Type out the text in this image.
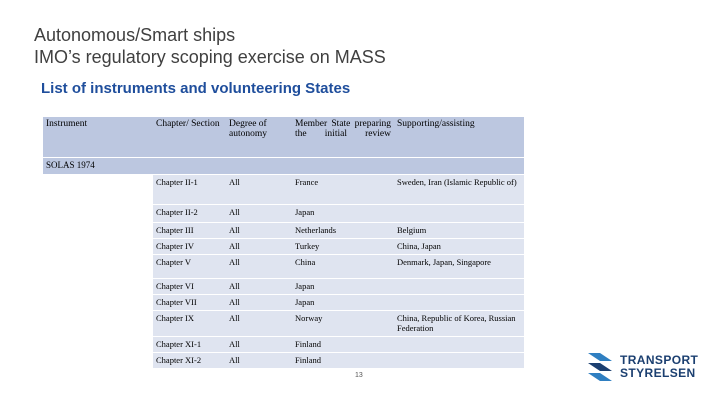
Autonomous/Smart ships
IMO’s regulatory scoping exercise on MASS
List of instruments and volunteering States
Instrument	Chapter/ Section	Degree of autonomy	Member State preparing the initial review	Supporting/assisting
SOLAS 1974				
	Chapter II-1	All	France	Sweden, Iran (Islamic Republic of)
	Chapter II-2	All	Japan	
	Chapter III	All	Netherlands	Belgium
	Chapter IV	All	Turkey	China, Japan
	Chapter V	All	China	Denmark, Japan, Singapore
	Chapter VI	All	Japan	
	Chapter VII	All	Japan	
	Chapter IX	All	Norway	China, Republic of Korea, Russian Federation
	Chapter XI-1	All	Finland	
	Chapter XI-2	All	Finland	
13
TRANSPORT
STYRELSEN
